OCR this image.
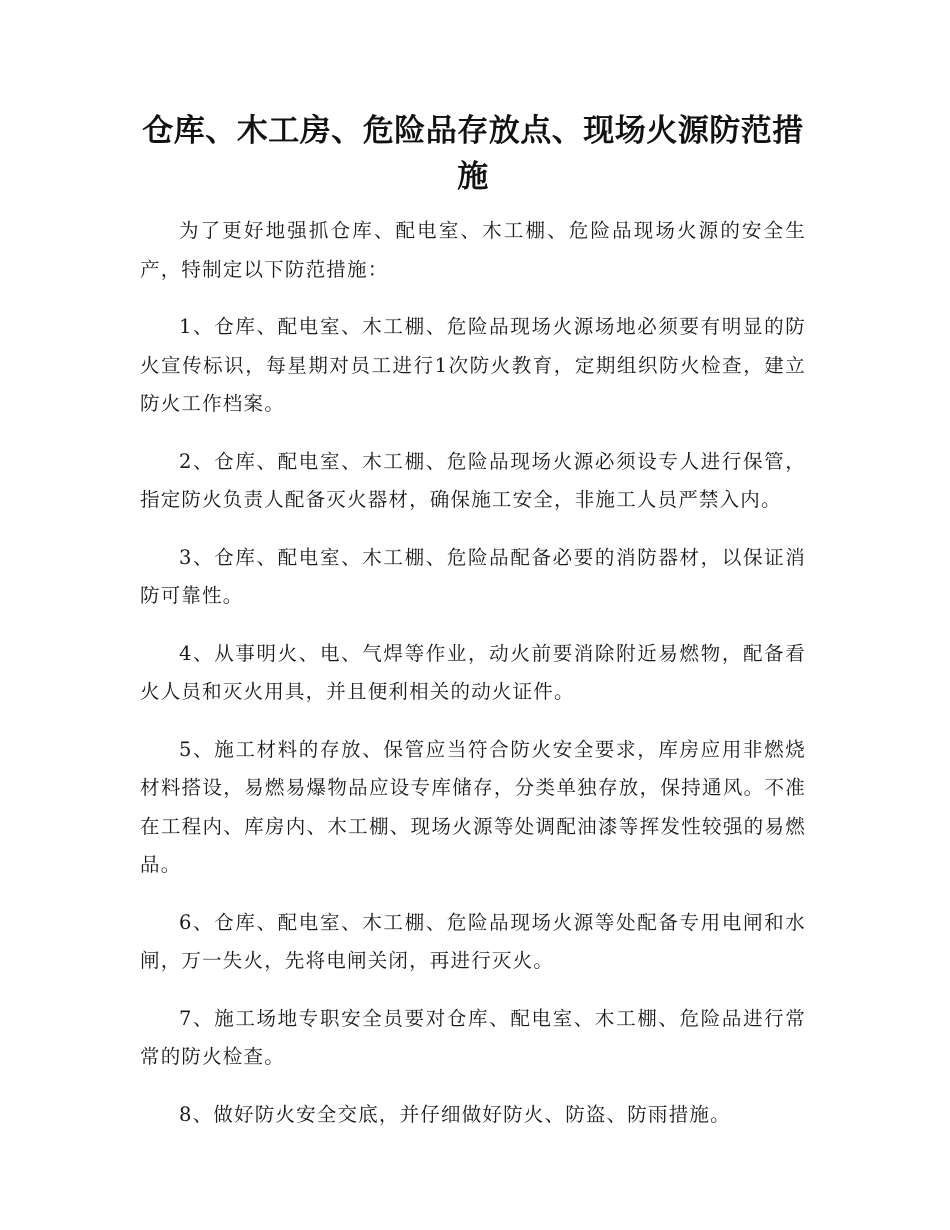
仓库、木工房、危险品存放点、现场火源防范措施

为了更好地强抓仓库、配电室、木工棚、危险品现场火源的安全生产，特制定以下防范措施：

1、仓库、配电室、木工棚、危险品现场火源场地必须要有明显的防火宣传标识，每星期对员工进行1次防火教育，定期组织防火检查，建立防火工作档案。

2、仓库、配电室、木工棚、危险品现场火源必须设专人进行保管，指定防火负责人配备灭火器材，确保施工安全，非施工人员严禁入内。

3、仓库、配电室、木工棚、危险品配备必要的消防器材，以保证消防可靠性。

4、从事明火、电、气焊等作业，动火前要消除附近易燃物，配备看火人员和灭火用具，并且便利相关的动火证件。

5、施工材料的存放、保管应当符合防火安全要求，库房应用非燃烧材料搭设，易燃易爆物品应设专库储存，分类单独存放，保持通风。不准在工程内、库房内、木工棚、现场火源等处调配油漆等挥发性较强的易燃品。

6、仓库、配电室、木工棚、危险品现场火源等处配备专用电闸和水闸，万一失火，先将电闸关闭，再进行灭火。

7、施工场地专职安全员要对仓库、配电室、木工棚、危险品进行常常的防火检查。

8、做好防火安全交底，并仔细做好防火、防盗、防雨措施。
